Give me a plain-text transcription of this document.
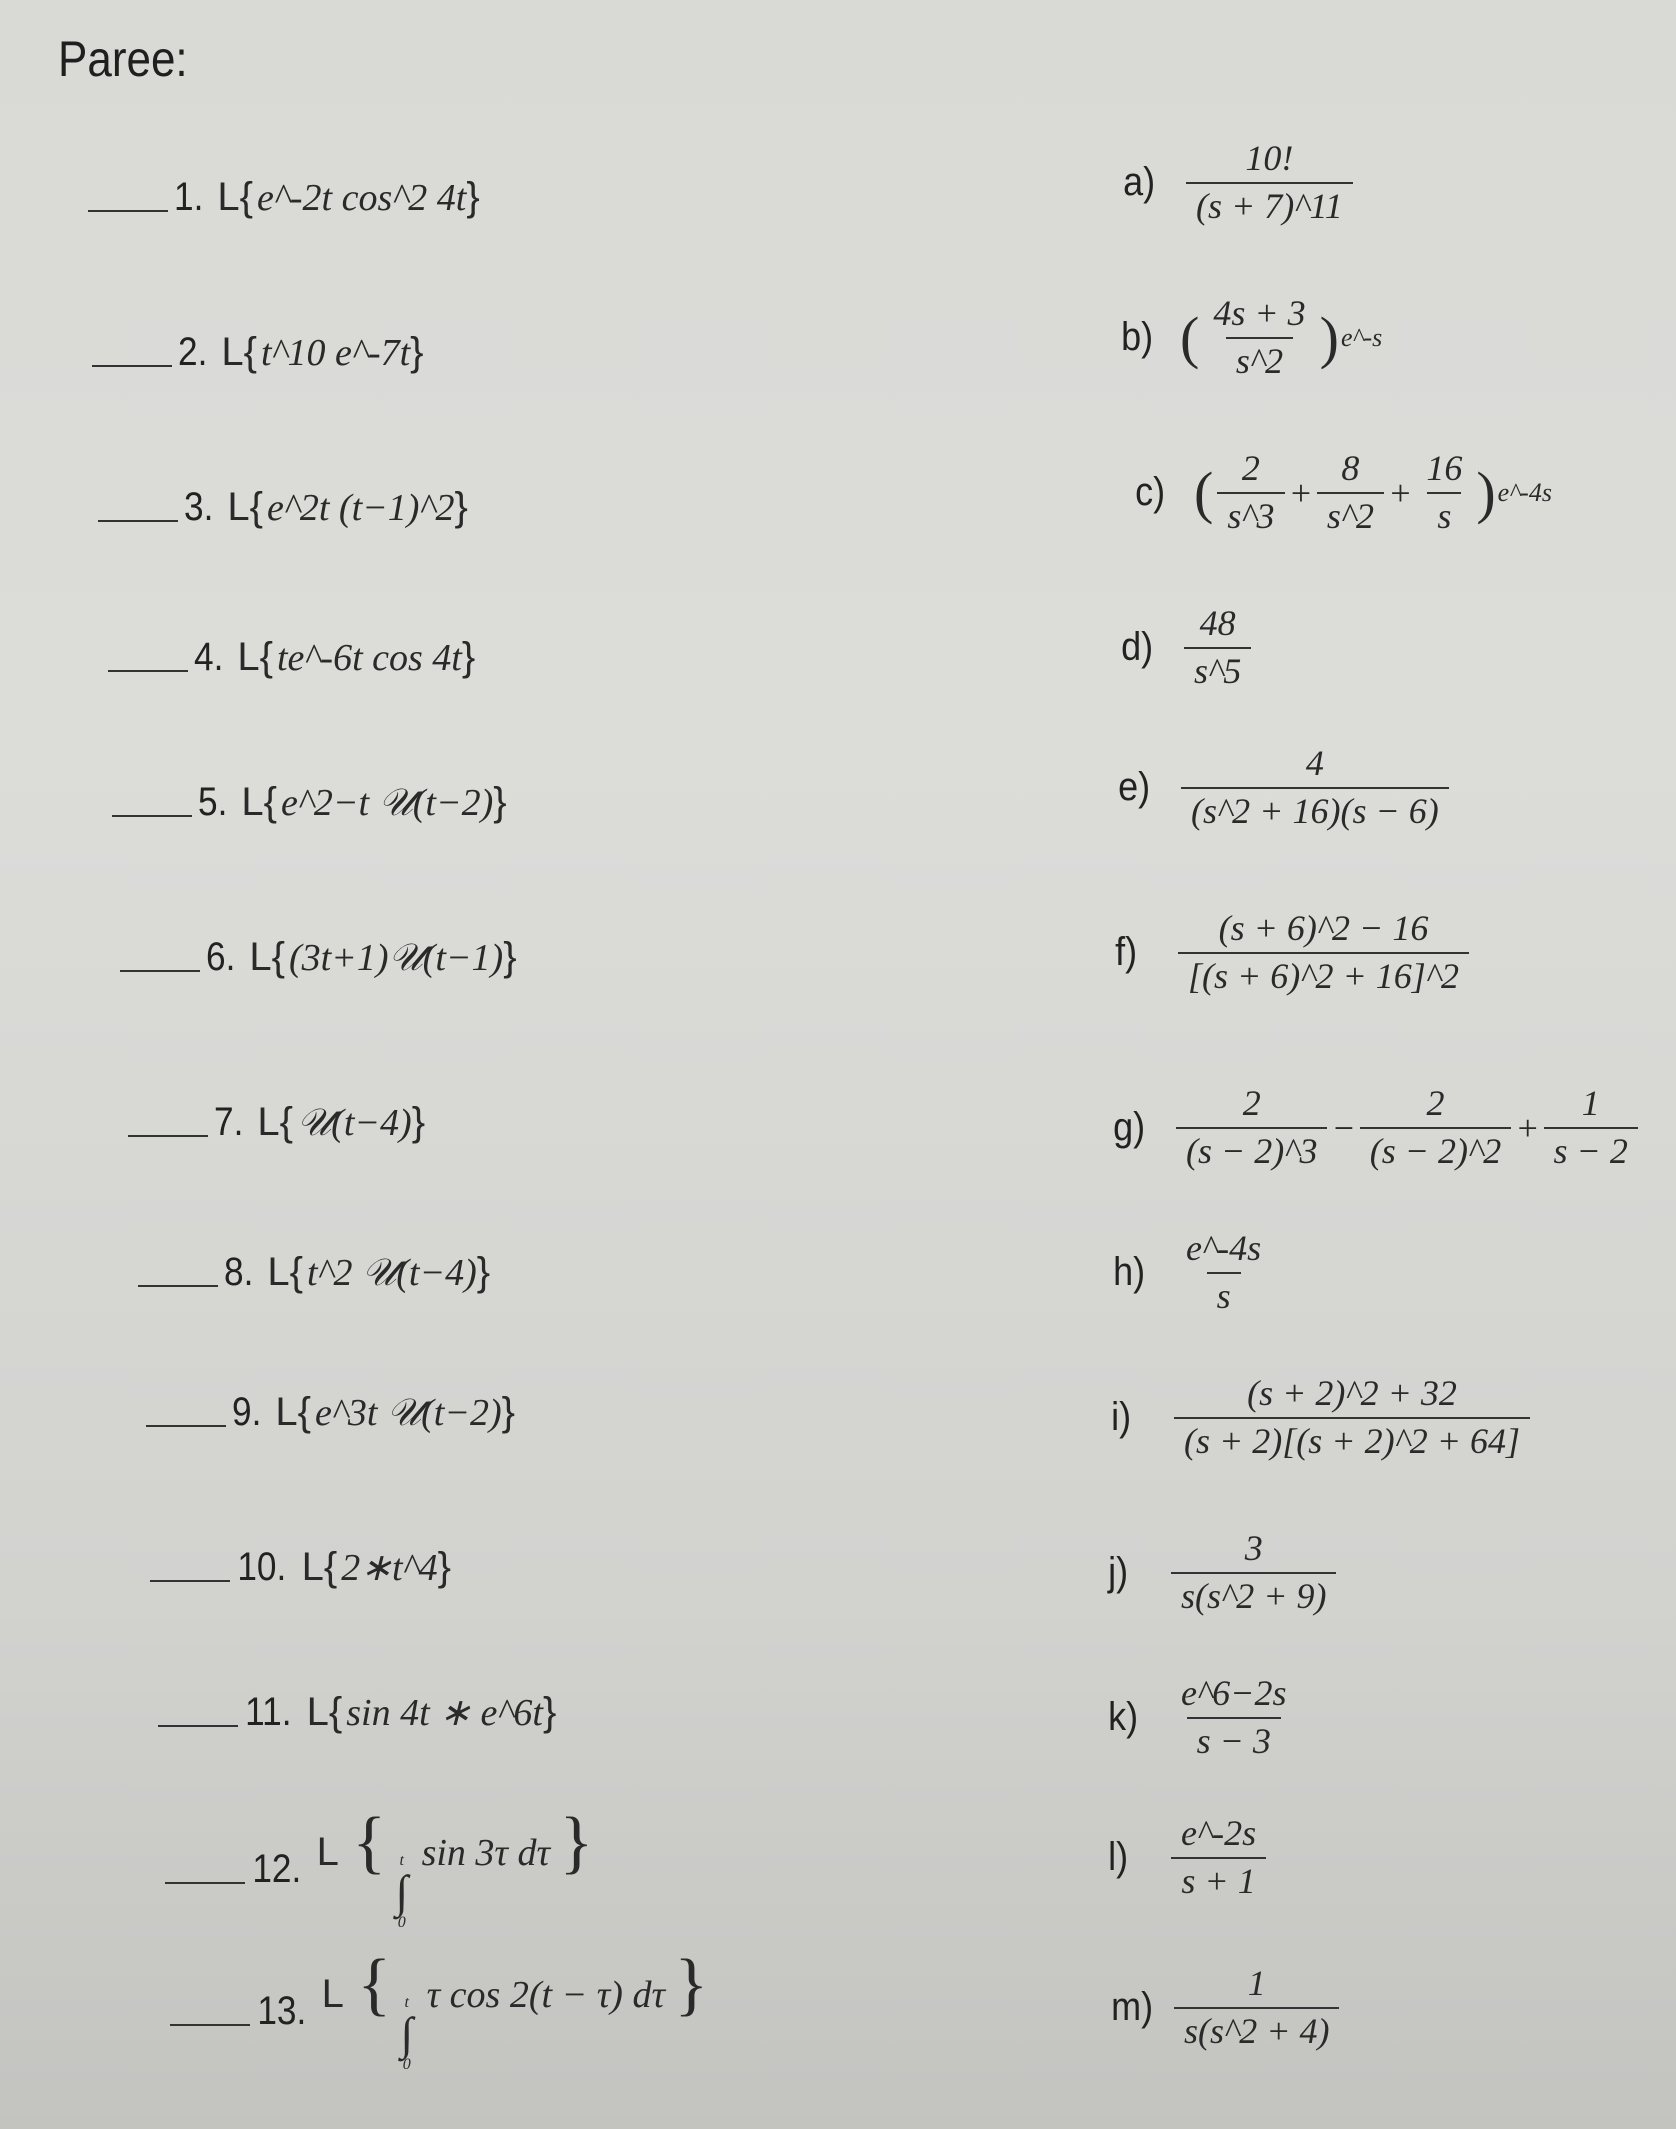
Paree:
1. L{ e^-2t cos^2 4t}
2. L{ t^10 e^-7t}
3. L{ e^2t (t−1)^2}
4. L{ te^-6t cos 4t}
5. L{ e^2−t 𝒰(t−2)}
6. L{ (3t+1)𝒰(t−1)}
7. L{ 𝒰(t−4)}
8. L{ t^2 𝒰(t−4)}
9. L{ e^3t 𝒰(t−2)}
10. L{ 2∗t^4}
11. L{ sin 4t ∗ e^6t}
12. L { t
∫
0
sin 3τ dτ }
13. L { t
∫
0
τ cos 2(t − τ) dτ }
$a) \frac{10!}{(s + 7)\^{}11}$
b) ( $\frac{4s + 3}{s\^{}2}$ ) e^-s
c) ( $\frac{2}{s\^{}3} + \frac{8}{s\^{}2} + \frac{16}{s}$ ) e^-4s
$d) \frac{48}{s\^{}5}$
$e) \frac{4}{(s\^{}2 + 16)(s - 6)}$
f)	$\frac{(s + 6)\^{}2 - 16}{[(s + 6)\^{}2 + 16]\^{}2}$
$g) \frac{2}{(s - 2)\^{}3} - \frac{2}{(s - 2)\^{}2} + \frac{1}{s - 2}$
$h) \frac{e\^{}-4s}{s}$
i)	$\frac{(s + 2)\^{}2 + 32}{(s + 2)[(s + 2)\^{}2 + 64]}$
j)	$\frac{3}{s(s\^{}2 + 9)}$
$k) \frac{e\^{}6-2s}{s - 3}$
l)	$\frac{e\^{}-2s}{s + 1}$
$m) \frac{1}{s(s\^{}2 + 4)}$
